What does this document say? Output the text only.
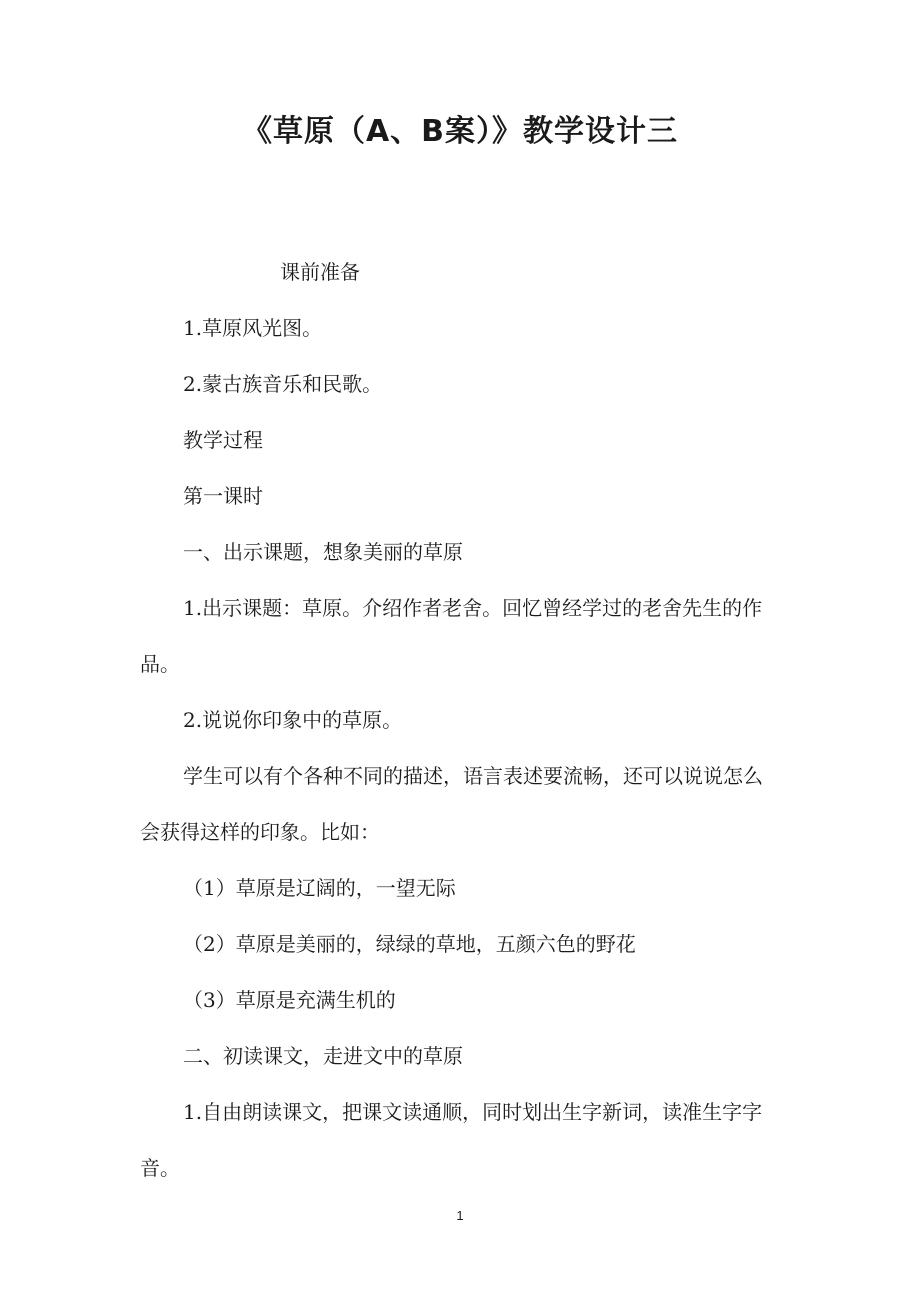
《草原（A、B案）》教学设计三

课前准备

1.草原风光图。

2.蒙古族音乐和民歌。

教学过程

第一课时

一、出示课题，想象美丽的草原

1.出示课题：草原。介绍作者老舍。回忆曾经学过的老舍先生的作品。

2.说说你印象中的草原。

学生可以有个各种不同的描述，语言表述要流畅，还可以说说怎么会获得这样的印象。比如：

（1）草原是辽阔的，一望无际

（2）草原是美丽的，绿绿的草地，五颜六色的野花

（3）草原是充满生机的

二、初读课文，走进文中的草原

1.自由朗读课文，把课文读通顺，同时划出生字新词，读准生字字音。

1
